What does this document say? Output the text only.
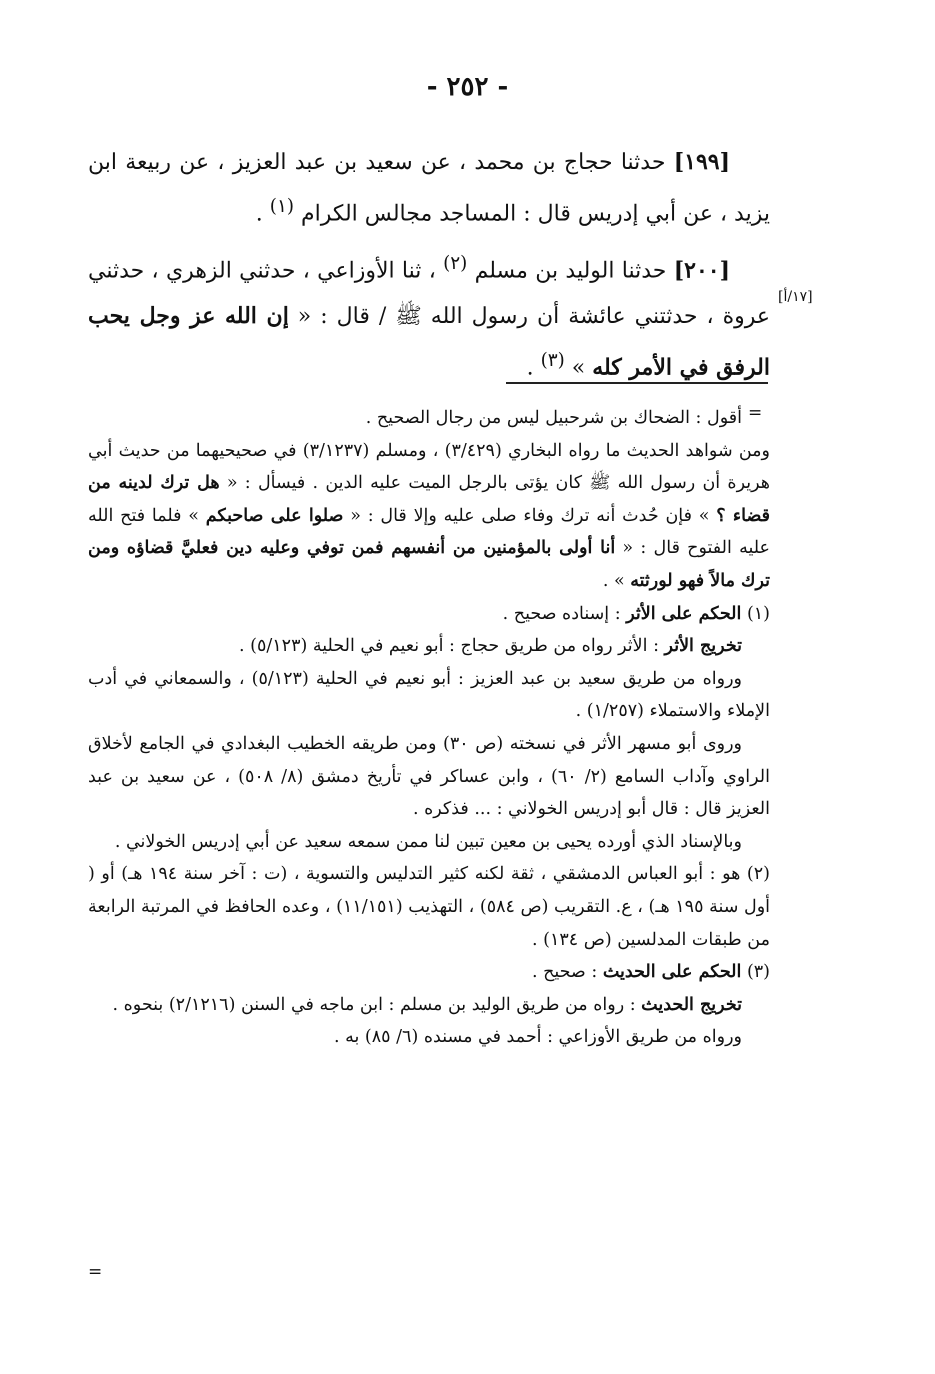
- ٢٥٢ -
[١٧/أ]

[١٩٩] حدثنا حجاج بن محمد ، عن سعيد بن عبد العزيز ، عن ربيعة ابن يزيد ، عن أبي إدريس قال : المساجد مجالس الكرام $^{(١)}$ .

[٢٠٠] حدثنا الوليد بن مسلم $^{(٢)}$ ، ثنا الأوزاعي ، حدثني الزهري ، حدثني عروة ، حدثتني عائشة أن رسول الله ﷺ / قال : « إن الله عز وجل يحب الرفق في الأمر كله » $^{(٣)}$ .

=

أقول : الضحاك بن شرحبيل ليس من رجال الصحيح .

ومن شواهد الحديث ما رواه البخاري (٣/٤٢٩) ، ومسلم (٣/١٢٣٧) في صحيحيهما من حديث أبي هريرة أن رسول الله ﷺ كان يؤتى بالرجل الميت عليه الدين . فيسأل : « هل ترك لدينه من قضاء ؟ » فإن حُدث أنه ترك وفاء صلى عليه وإلا قال : « صلوا على صاحبكم » فلما فتح الله عليه الفتوح قال : « أنا أولى بالمؤمنين من أنفسهم فمن توفي وعليه دين فعليَّ قضاؤه ومن ترك مالاً فهو لورثته » .

(١) الحكم على الأثر : إسناده صحيح .

تخريج الأثر : الأثر رواه من طريق حجاج : أبو نعيم في الحلية (٥/١٢٣) .

ورواه من طريق سعيد بن عبد العزيز : أبو نعيم في الحلية (٥/١٢٣) ، والسمعاني في أدب الإملاء والاستملاء (١/٢٥٧) .

وروى أبو مسهر الأثر في نسخته (ص ٣٠) ومن طريقه الخطيب البغدادي في الجامع لأخلاق الراوي وآداب السامع (٢/ ٦٠) ، وابن عساكر في تأريخ دمشق (٨/ ٥٠٨) ، عن سعيد بن عبد العزيز قال : قال أبو إدريس الخولاني : ... فذكره .

وبالإسناد الذي أورده يحيى بن معين تبين لنا ممن سمعه سعيد عن أبي إدريس الخولاني .

(٢) هو : أبو العباس الدمشقي ، ثقة لكنه كثير التدليس والتسوية ، (ت : آخر سنة ١٩٤ هـ) أو ( أول سنة ١٩٥ هـ) ، ع. التقريب (ص ٥٨٤) ، التهذيب (١١/١٥١) ، وعده الحافظ في المرتبة الرابعة من طبقات المدلسين (ص ١٣٤) .

(٣) الحكم على الحديث : صحيح .

تخريج الحديث : رواه من طريق الوليد بن مسلم : ابن ماجه في السنن (٢/١٢١٦) بنحوه .

ورواه من طريق الأوزاعي : أحمد في مسنده (٦/ ٨٥) به .

=
